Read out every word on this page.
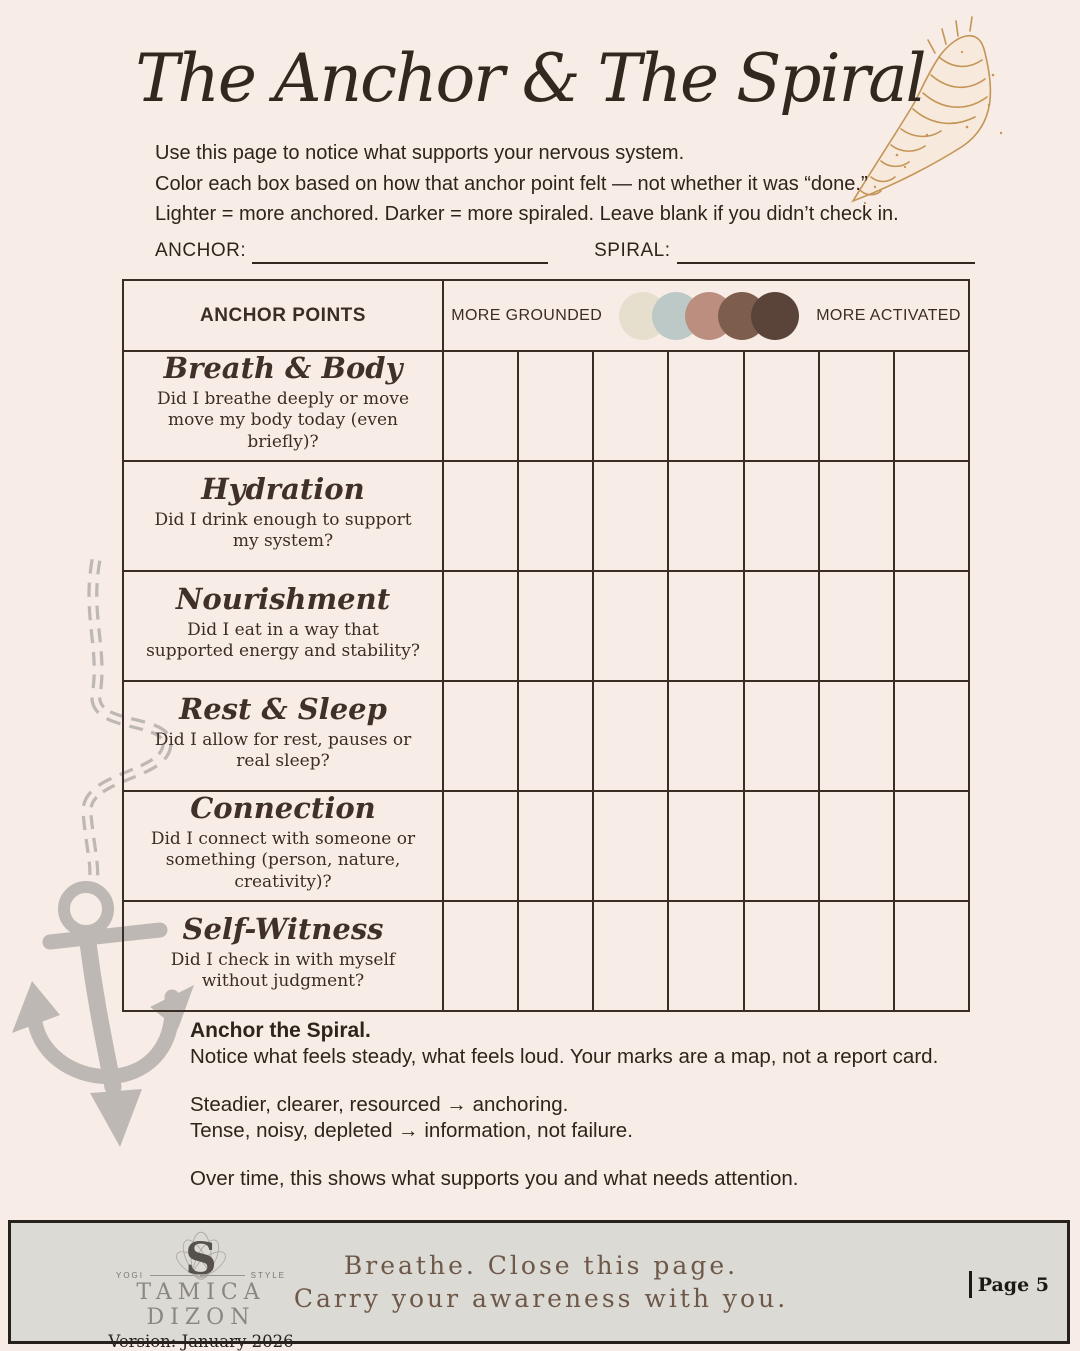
The Anchor & The Spiral
Use this page to notice what supports your nervous system.
Color each box based on how that anchor point felt — not whether it was “done.”
Lighter = more anchored. Darker = more spiraled. Leave blank if you didn’t check in.
ANCHOR:	SPIRAL:
ANCHOR POINTS	MORE GROUNDED MORE ACTIVATED						

Breath & Body
Did I breathe deeply or move move my body today (even briefly)?							

Hydration
Did I drink enough to support my system?							

Nourishment
Did I eat in a way that supported energy and stability?							

Rest & Sleep
Did I allow for rest, pauses or real sleep?							

Connection
Did I connect with someone or something (person, nature, creativity)?							

Self-Witness
Did I check in with myself without judgment?							

Anchor the Spiral.
Notice what feels steady, what feels loud. Your marks are a map, not a report card.
Steadier, clearer, resourced → anchoring.
Tense, noisy, depleted → information, not failure.
Over time, this shows what supports you and what needs attention.
S
YOGI	STYLE
TAMICA
DIZON
Version: January 2026
Breathe. Close this page.
Carry your awareness with you.	Page 5
